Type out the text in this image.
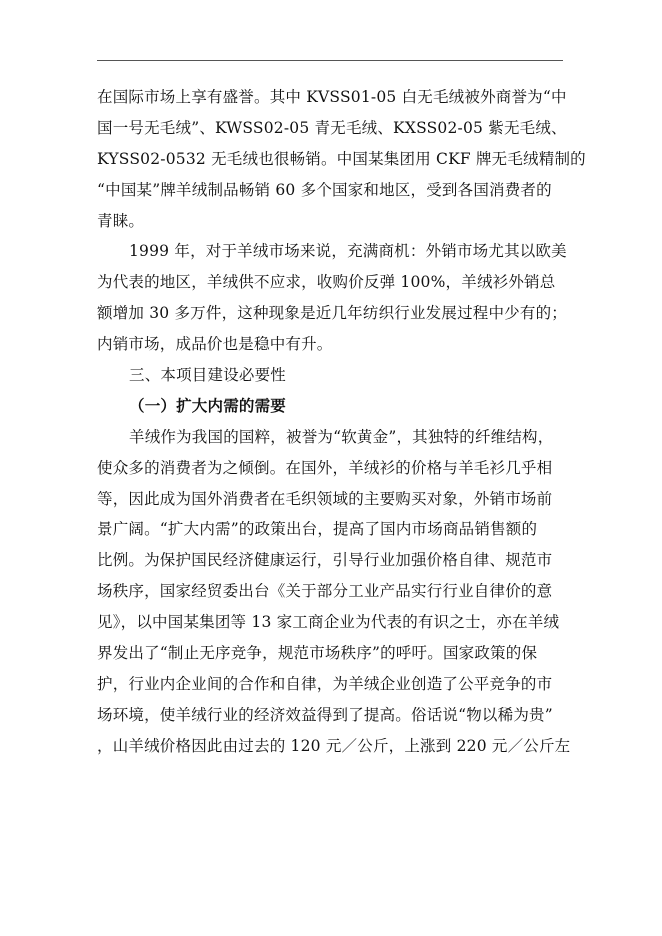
在国际市场上享有盛誉。其中 KVSS01-05 白无毛绒被外商誉为“中
国一号无毛绒”、KWSS02-05 青无毛绒、KXSS02-05 紫无毛绒、
KYSS02-0532 无毛绒也很畅销。中国某集团用 CKF 牌无毛绒精制的
“中国某”牌羊绒制品畅销 60 多个国家和地区，受到各国消费者的
青睐。
1999 年，对于羊绒市场来说，充满商机：外销市场尤其以欧美
为代表的地区，羊绒供不应求，收购价反弹 100%，羊绒衫外销总
额增加 30 多万件，这种现象是近几年纺织行业发展过程中少有的；
内销市场，成品价也是稳中有升。
三、本项目建设必要性
（一）扩大内需的需要
羊绒作为我国的国粹，被誉为“软黄金”，其独特的纤维结构，
使众多的消费者为之倾倒。在国外，羊绒衫的价格与羊毛衫几乎相
等，因此成为国外消费者在毛织领域的主要购买对象，外销市场前
景广阔。“扩大内需”的政策出台，提高了国内市场商品销售额的
比例。为保护国民经济健康运行，引导行业加强价格自律、规范市
场秩序，国家经贸委出台《关于部分工业产品实行行业自律价的意
见》，以中国某集团等 13 家工商企业为代表的有识之士，亦在羊绒
界发出了“制止无序竞争，规范市场秩序”的呼吁。国家政策的保
护，行业内企业间的合作和自律，为羊绒企业创造了公平竞争的市
场环境，使羊绒行业的经济效益得到了提高。俗话说“物以稀为贵”
，山羊绒价格因此由过去的 120 元／公斤，上涨到 220 元／公斤左
